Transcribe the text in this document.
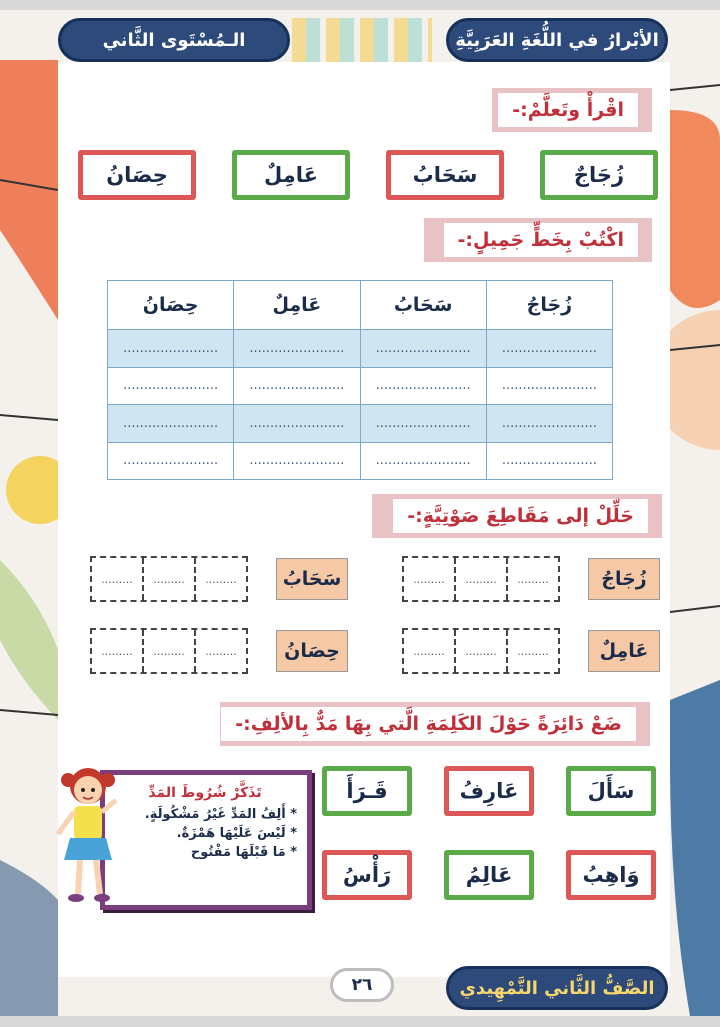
الأبْرارُ في اللُّغَةِ العَرَبِيَّةِ
الـمُسْتَوى الثَّاني
اقْرأْ وتَعلَّمْ:-
زُجَاجٌ
سَحَابُ
عَامِلٌ
حِصَانُ
اكْتُبْ بِخَطٍّ جَمِيلٍ:-
حِصَانُ	عَامِلٌ	سَحَابُ	زُجَاجُ
.......................	.......................	.......................	.......................
.......................	.......................	.......................	.......................
.......................	.......................	.......................	.......................
.......................	.......................	.......................	.......................
حَلِّلْ إلى مَقَاطِعَ صَوْتِيَّةٍ:-
زُجَاجُ
.........	.........	.........
سَحَابُ
.........	.........	.........
عَامِلٌ
.........	.........	.........
حِصَانُ
.........	.........	.........
ضَعْ دَائِرَةً حَوْلَ الكَلِمَةِ الَّتي بِهَا مَدٌّ بِالألِفِ:-
سَأَلَ
عَارِفُ
قَـرَأَ
وَاهِبُ
عَالِمُ
رَأْسُ
تَذَكَّرْ شُرُوطَ المَدِّ
* أَلِفُ المَدِّ غَيْرُ مَشْكُولَةٍ.
* لَيْسَ عَلَيْهَا هَمْزَةٌ.
* مَا قَبْلَهَا مَفْتُوح
٢٦	الصَّفُّ الثَّاني التَّمْهِيدي
